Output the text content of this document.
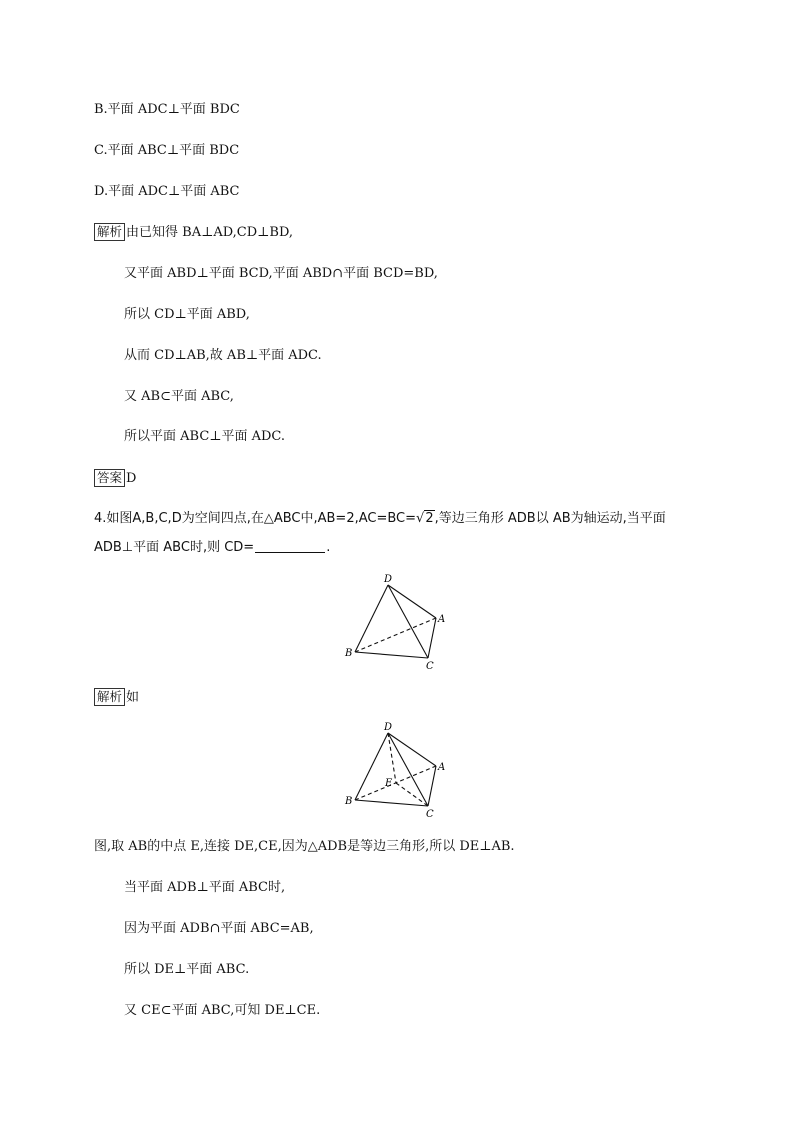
B.平面 ADC⊥平面 BDC
C.平面 ABC⊥平面 BDC
D.平面 ADC⊥平面 ABC
解析 由已知得 BA⊥AD,CD⊥BD,
又平面 ABD⊥平面 BCD,平面 ABD∩平面 BCD=BD,
所以 CD⊥平面 ABD,
从而 CD⊥AB,故 AB⊥平面 ADC.
又 AB⊂平面 ABC,
所以平面 ABC⊥平面 ADC.
答案 D
4.如图A,B,C,D为空间四点,在△ABC中,AB=2,AC=BC=√2,等边三角形 ADB以 AB为轴运动,当平面
ADB⊥平面 ABC时,则 CD=	.
D
A
B
C
解析 如
D
A
B
C
E
图,取 AB的中点 E,连接 DE,CE,因为△ADB是等边三角形,所以 DE⊥AB.
当平面 ADB⊥平面 ABC时,
因为平面 ADB∩平面 ABC=AB,
所以 DE⊥平面 ABC.
又 CE⊂平面 ABC,可知 DE⊥CE.
